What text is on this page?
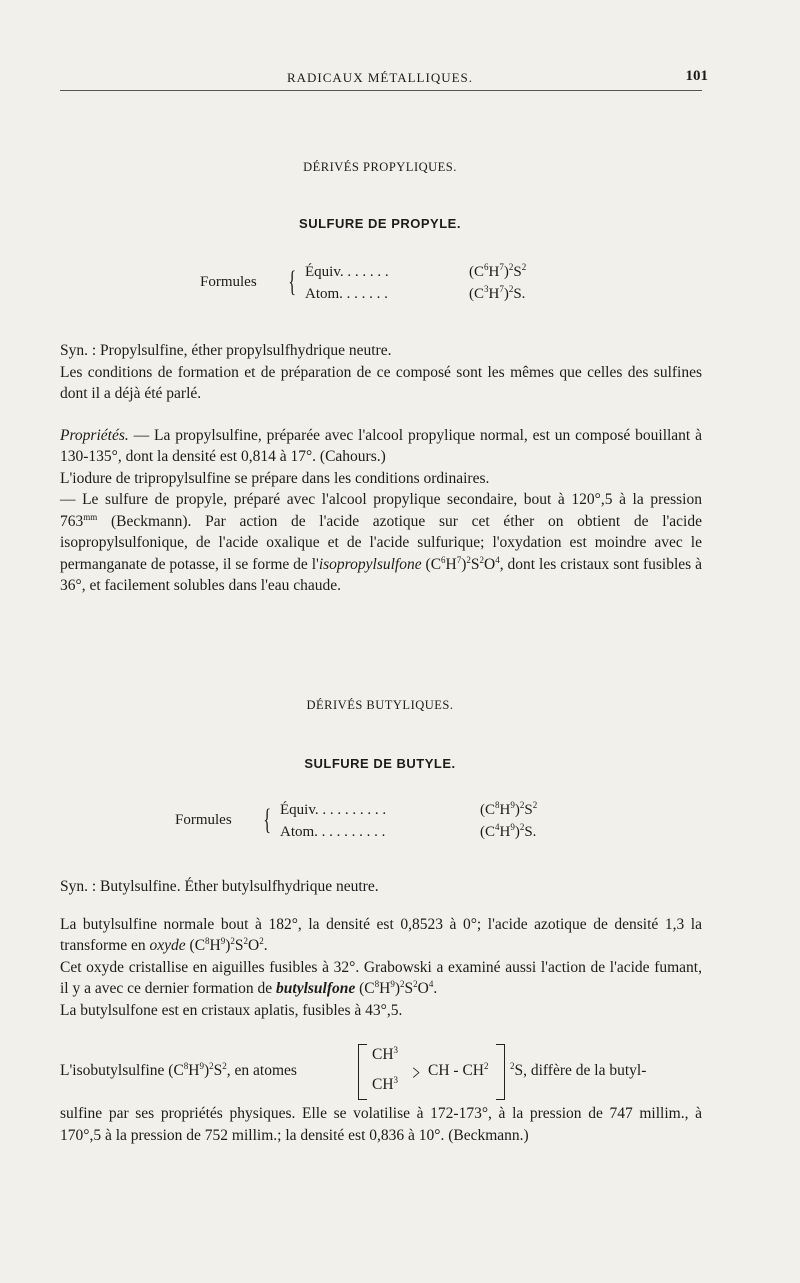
RADICAUX MÉTALLIQUES.	101
DÉRIVÉS PROPYLIQUES.
SULFURE DE PROPYLE.
Formules { Équiv. . . . . . .	$(C^6H^7)^2S^2$
Atom. . . . . . .	$(C^3H^7)^2S$.

Syn. : Propylsulfine, éther propylsulfhydrique neutre.

Les conditions de formation et de préparation de ce composé sont les mêmes que celles des sulfines dont il a déjà été parlé.

Propriétés. — La propylsulfine, préparée avec l'alcool propylique normal, est un composé bouillant à 130-135°, dont la densité est 0,814 à 17°. (Cahours.)

L'iodure de tripropylsulfine se prépare dans les conditions ordinaires.

— Le sulfure de propyle, préparé avec l'alcool propylique secondaire, bout à 120°,5 à la pression $763^{mm}$ (Beckmann). Par action de l'acide azotique sur cet éther on obtient de l'acide isopropylsulfonique, de l'acide oxalique et de l'acide sulfurique; l'oxydation est moindre avec le permanganate de potasse, il se forme de l'isopropylsulfone $(C^6H^7)^2S^2O^4$, dont les cristaux sont fusibles à 36°, et facilement solubles dans l'eau chaude.

DÉRIVÉS BUTYLIQUES.
SULFURE DE BUTYLE.
Formules { Équiv. . . . . . . . . .	$(C^8H^9)^2S^2$
Atom. . . . . . . . . .	$(C^4H^9)^2S$.

Syn. : Butylsulfine. Éther butylsulfhydrique neutre.

La butylsulfine normale bout à 182°, la densité est 0,8523 à 0°; l'acide azotique de densité 1,3 la transforme en oxyde $(C^8H^9)^2S^2O^2$.

Cet oxyde cristallise en aiguilles fusibles à 32°. Grabowski a examiné aussi l'action de l'acide fumant, il y a avec ce dernier formation de butylsulfone $(C^8H^9)^2S^2O^4$.

La butylsulfone est en cristaux aplatis, fusibles à 43°,5.

L'isobutylsulfine $(C^8H^9)^2S^2$, en atomes
$CH^3$
$CH^3$ > CH - $CH^2$ $^2$S, diffère de la butyl-
sulfine par ses propriétés physiques. Elle se volatilise à 172-173°, à la pression de 747 millim., à 170°,5 à la pression de 752 millim.; la densité est 0,836 à 10°. (Beckmann.)
